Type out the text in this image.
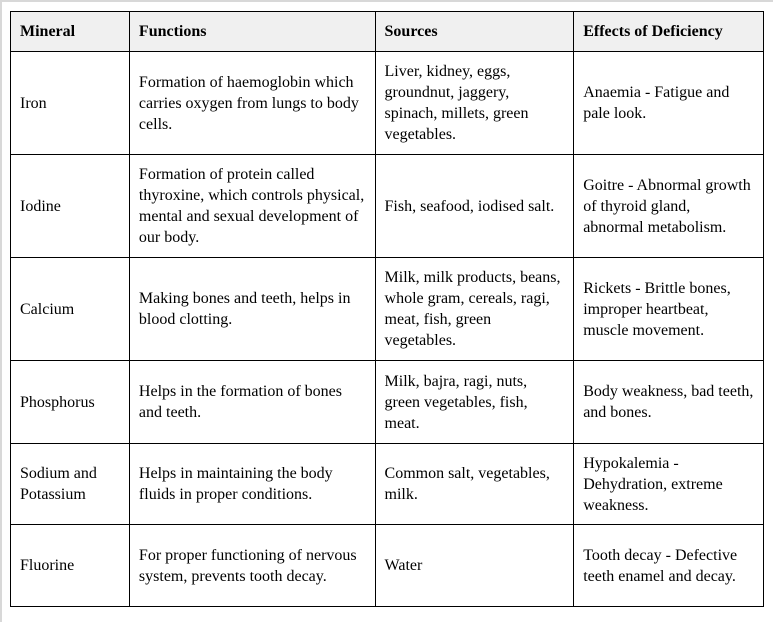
Mineral	Functions	Sources	Effects of Deficiency
Iron	Formation of haemoglobin which carries oxygen from lungs to body cells.	Liver, kidney, eggs, groundnut, jaggery, spinach, millets, green vegetables.	Anaemia - Fatigue and pale look.
Iodine	Formation of protein called thyroxine, which controls physical, mental and sexual development of our body.	Fish, seafood, iodised salt.	Goitre - Abnormal growth of thyroid gland, abnormal metabolism.
Calcium	Making bones and teeth, helps in blood clotting.	Milk, milk products, beans, whole gram, cereals, ragi, meat, fish, green vegetables.	Rickets - Brittle bones, improper heartbeat, muscle movement.
Phosphorus	Helps in the formation of bones and teeth.	Milk, bajra, ragi, nuts, green vegetables, fish, meat.	Body weakness, bad teeth, and bones.
Sodium and Potassium	Helps in maintaining the body fluids in proper conditions.	Common salt, vegetables, milk.	Hypokalemia - Dehydration, extreme weakness.
Fluorine	For proper functioning of nervous system, prevents tooth decay.	Water	Tooth decay - Defective teeth enamel and decay.
